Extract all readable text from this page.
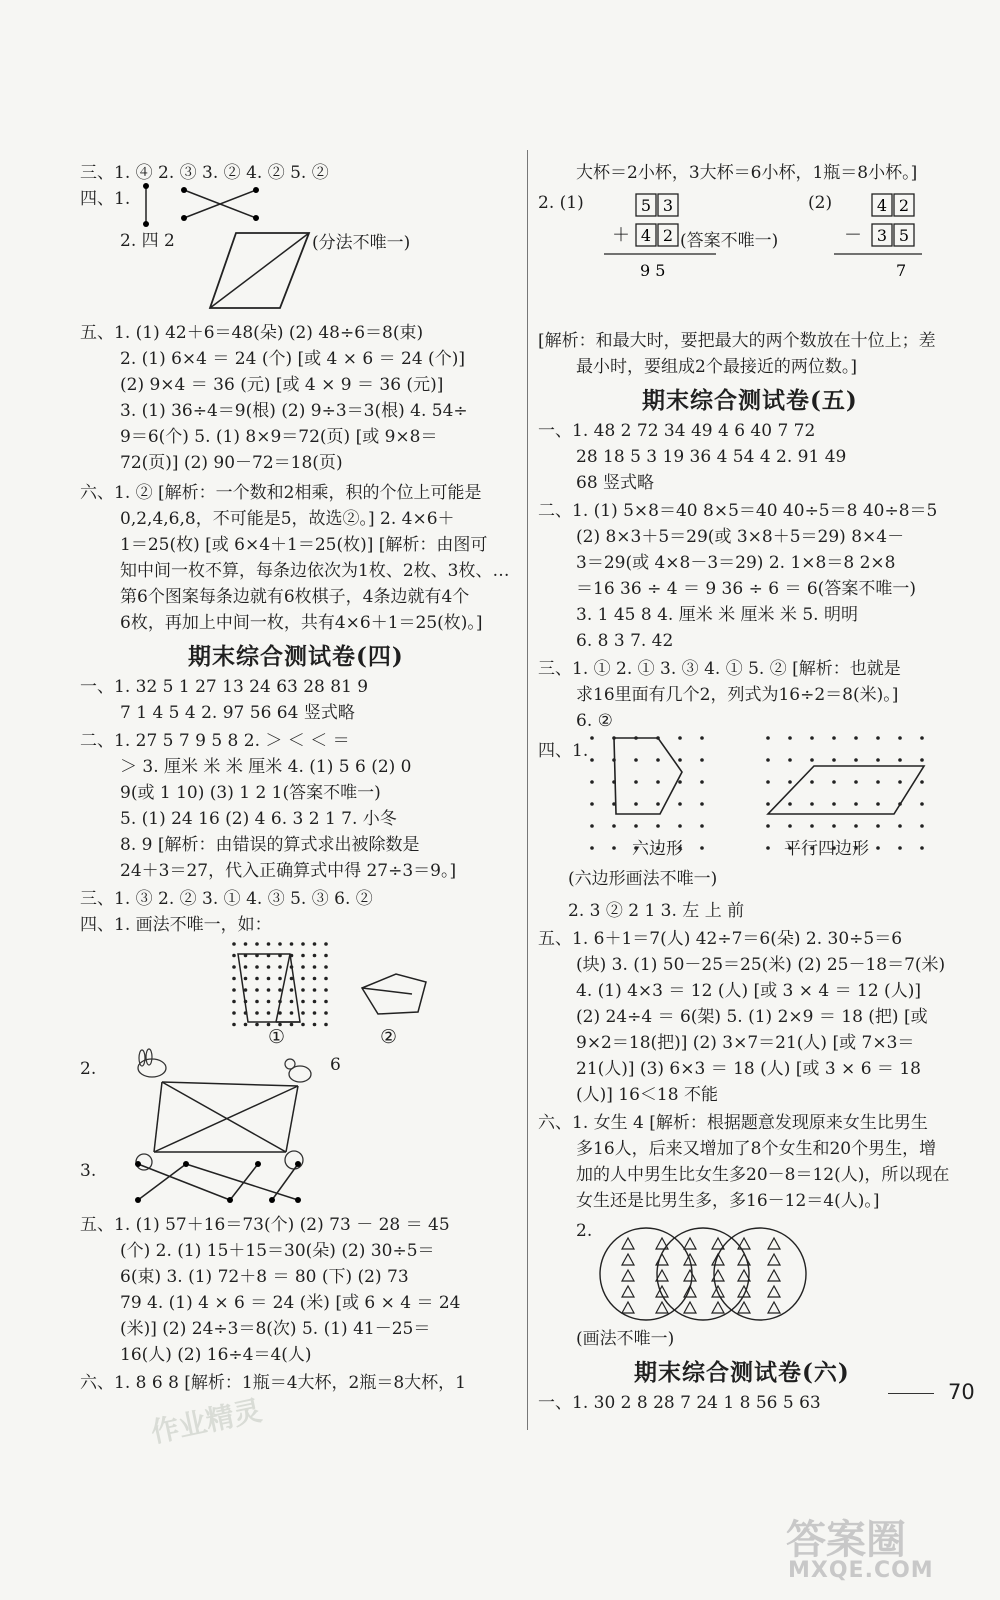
三、1. ④ 2. ③ 3. ② 4. ② 5. ②
四、1.
2. 四 2	(分法不唯一)
五、1. (1) 42＋6＝48(朵) (2) 48÷6＝8(束)
2. (1) 6×4 ＝ 24 (个) [或 4 × 6 ＝ 24 (个)]
(2) 9×4 ＝ 36 (元) [或 4 × 9 ＝ 36 (元)]
3. (1) 36÷4＝9(根) (2) 9÷3＝3(根) 4. 54÷
9＝6(个) 5. (1) 8×9＝72(页) [或 9×8＝
72(页)] (2) 90－72＝18(页)
六、1. ② [解析：一个数和2相乘，积的个位上可能是
0,2,4,6,8，不可能是5，故选②。] 2. 4×6＋
1＝25(枚) [或 6×4＋1＝25(枚)] [解析：由图可
知中间一枚不算，每条边依次为1枚、2枚、3枚、…
第6个图案每条边就有6枚棋子，4条边就有4个
6枚，再加上中间一枚，共有4×6＋1＝25(枚)。]
期末综合测试卷(四)
一、1. 32 5 1 27 13 24 63 28 81 9
7 1 4 5 4 2. 97 56 64 竖式略
二、1. 27 5 7 9 5 8 2. ＞ ＜ ＜ ＝
＞ 3. 厘米 米 米 厘米 4. (1) 5 6 (2) 0
9(或 1 10) (3) 1 2 1(答案不唯一)
5. (1) 24 16 (2) 4 6. 3 2 1 7. 小冬
8. 9 [解析：由错误的算式求出被除数是
24＋3＝27，代入正确算式中得 27÷3＝9。]
三、1. ③ 2. ② 3. ① 4. ③ 5. ③ 6. ②
四、1. 画法不唯一，如：
①	②
2.	6
3.
五、1. (1) 57＋16＝73(个) (2) 73 － 28 ＝ 45
(个) 2. (1) 15＋15＝30(朵) (2) 30÷5＝
6(束) 3. (1) 72＋8 ＝ 80 (下) (2) 73
79 4. (1) 4 × 6 ＝ 24 (米) [或 6 × 4 ＝ 24
(米)] (2) 24÷3＝8(次) 5. (1) 41－25＝
16(人) (2) 16÷4＝4(人)
六、1. 8 6 8 [解析：1瓶＝4大杯，2瓶＝8大杯，1
大杯＝2小杯，3大杯＝6小杯，1瓶＝8小杯。]
2. (1)	5 3
＋ 4 2
9 5
(答案不唯一)
(2)	4 2
－ 3 5
7
[解析：和最大时，要把最大的两个数放在十位上；差
最小时，要组成2个最接近的两位数。]
期末综合测试卷(五)
一、1. 48 2 72 34 49 4 6 40 7 72
28 18 5 3 19 36 4 54 4 2. 91 49
68 竖式略
二、1. (1) 5×8＝40 8×5＝40 40÷5＝8 40÷8＝5
(2) 8×3＋5＝29(或 3×8＋5＝29) 8×4－
3＝29(或 4×8－3＝29) 2. 1×8＝8 2×8
＝16 36 ÷ 4 ＝ 9 36 ÷ 6 ＝ 6(答案不唯一)
3. 1 45 8 4. 厘米 米 厘米 米 5. 明明
6. 8 3 7. 42
三、1. ① 2. ① 3. ③ 4. ① 5. ② [解析：也就是
求16里面有几个2，列式为16÷2＝8(米)。]
6. ②
四、1.
六边形	平行四边形
(六边形画法不唯一)
2. 3 ② 2 1 3. 左 上 前
五、1. 6＋1＝7(人) 42÷7＝6(朵) 2. 30÷5＝6
(块) 3. (1) 50－25＝25(米) (2) 25－18＝7(米)
4. (1) 4×3 ＝ 12 (人) [或 3 × 4 ＝ 12 (人)]
(2) 24÷4 ＝ 6(架) 5. (1) 2×9 ＝ 18 (把) [或
9×2＝18(把)] (2) 3×7＝21(人) [或 7×3＝
21(人)] (3) 6×3 ＝ 18 (人) [或 3 × 6 ＝ 18
(人)] 16＜18 不能
六、1. 女生 4 [解析：根据题意发现原来女生比男生
多16人，后来又增加了8个女生和20个男生，增
加的人中男生比女生多20－8＝12(人)，所以现在
女生还是比男生多，多16－12＝4(人)。]
2.
(画法不唯一)
期末综合测试卷(六)
一、1. 30 2 8 28 7 24 1 8 56 5 63	70
作业精灵
答案圈
MXQE.COM
